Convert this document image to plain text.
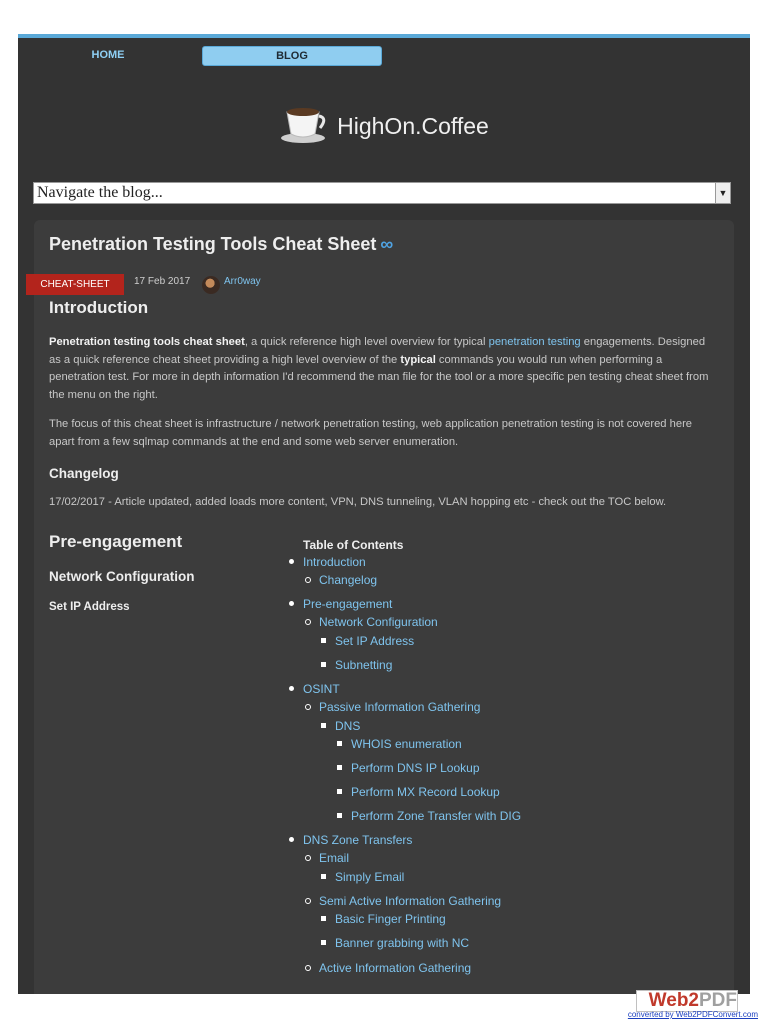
HOME	BLOG
HighOn.Coffee
Navigate the blog...	▼
Penetration Testing Tools Cheat Sheet ∞
CHEAT-SHEET	17 Feb 2017	Arr0way
Introduction
Penetration testing tools cheat sheet, a quick reference high level overview for typical penetration testing engagements. Designed as a quick reference cheat sheet providing a high level overview of the typical commands you would run when performing a penetration test. For more in depth information I'd recommend the man file for the tool or a more specific pen testing cheat sheet from the menu on the right.
The focus of this cheat sheet is infrastructure / network penetration testing, web application penetration testing is not covered here apart from a few sqlmap commands at the end and some web server enumeration.
Changelog
17/02/2017 - Article updated, added loads more content, VPN, DNS tunneling, VLAN hopping etc - check out the TOC below.
Pre-engagement
Network Configuration
Set IP Address
Table of Contents
Introduction
Changelog
Pre-engagement
Network Configuration
Set IP Address
Subnetting
OSINT
Passive Information Gathering
DNS
WHOIS enumeration
Perform DNS IP Lookup
Perform MX Record Lookup
Perform Zone Transfer with DIG
DNS Zone Transfers
Email
Simply Email
Semi Active Information Gathering
Basic Finger Printing
Banner grabbing with NC
Active Information Gathering
Web2PDF
converted by Web2PDFConvert.com
